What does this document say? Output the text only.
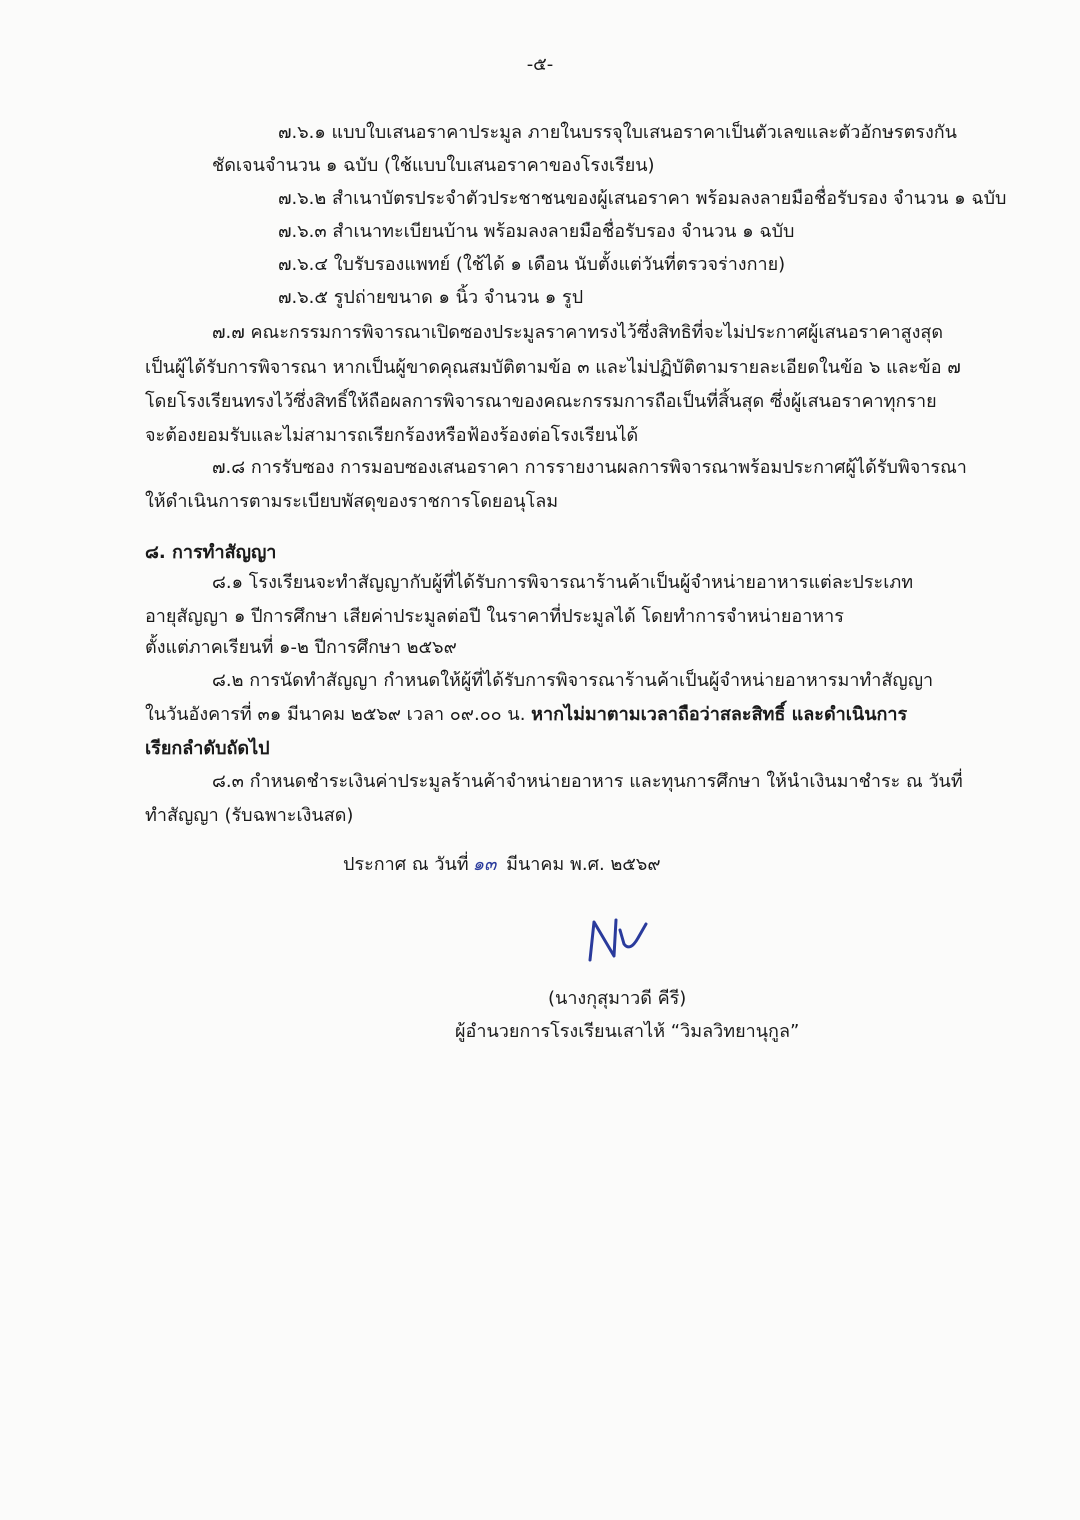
-๕-
๗.๖.๑ แบบใบเสนอราคาประมูล ภายในบรรจุใบเสนอราคาเป็นตัวเลขและตัวอักษรตรงกัน
ชัดเจนจำนวน ๑ ฉบับ (ใช้แบบใบเสนอราคาของโรงเรียน)
๗.๖.๒ สำเนาบัตรประจำตัวประชาชนของผู้เสนอราคา พร้อมลงลายมือชื่อรับรอง จำนวน ๑ ฉบับ
๗.๖.๓ สำเนาทะเบียนบ้าน พร้อมลงลายมือชื่อรับรอง จำนวน ๑ ฉบับ
๗.๖.๔ ใบรับรองแพทย์ (ใช้ได้ ๑ เดือน นับตั้งแต่วันที่ตรวจร่างกาย)
๗.๖.๕ รูปถ่ายขนาด ๑ นิ้ว จำนวน ๑ รูป
๗.๗ คณะกรรมการพิจารณาเปิดซองประมูลราคาทรงไว้ซึ่งสิทธิที่จะไม่ประกาศผู้เสนอราคาสูงสุด
เป็นผู้ได้รับการพิจารณา หากเป็นผู้ขาดคุณสมบัติตามข้อ ๓ และไม่ปฏิบัติตามรายละเอียดในข้อ ๖ และข้อ ๗
โดยโรงเรียนทรงไว้ซึ่งสิทธิ์ให้ถือผลการพิจารณาของคณะกรรมการถือเป็นที่สิ้นสุด ซึ่งผู้เสนอราคาทุกราย
จะต้องยอมรับและไม่สามารถเรียกร้องหรือฟ้องร้องต่อโรงเรียนได้
๗.๘ การรับซอง การมอบซองเสนอราคา การรายงานผลการพิจารณาพร้อมประกาศผู้ได้รับพิจารณา
ให้ดำเนินการตามระเบียบพัสดุของราชการโดยอนุโลม
๘. การทำสัญญา
๘.๑ โรงเรียนจะทำสัญญากับผู้ที่ได้รับการพิจารณาร้านค้าเป็นผู้จำหน่ายอาหารแต่ละประเภท
อายุสัญญา ๑ ปีการศึกษา เสียค่าประมูลต่อปี ในราคาที่ประมูลได้ โดยทำการจำหน่ายอาหาร
ตั้งแต่ภาคเรียนที่ ๑-๒ ปีการศึกษา ๒๕๖๙
๘.๒ การนัดทำสัญญา กำหนดให้ผู้ที่ได้รับการพิจารณาร้านค้าเป็นผู้จำหน่ายอาหารมาทำสัญญา
ในวันอังคารที่ ๓๑ มีนาคม ๒๕๖๙ เวลา ๐๙.๐๐ น. หากไม่มาตามเวลาถือว่าสละสิทธิ์ และดำเนินการ
เรียกลำดับถัดไป
๘.๓ กำหนดชำระเงินค่าประมูลร้านค้าจำหน่ายอาหาร และทุนการศึกษา ให้นำเงินมาชำระ ณ วันที่
ทำสัญญา (รับฉพาะเงินสด)
ประกาศ ณ วันที่ ๑๓ มีนาคม พ.ศ. ๒๕๖๙
(นางกุสุมาวดี คีรี)
ผู้อำนวยการโรงเรียนเสาไห้ “วิมลวิทยานุกูล”
